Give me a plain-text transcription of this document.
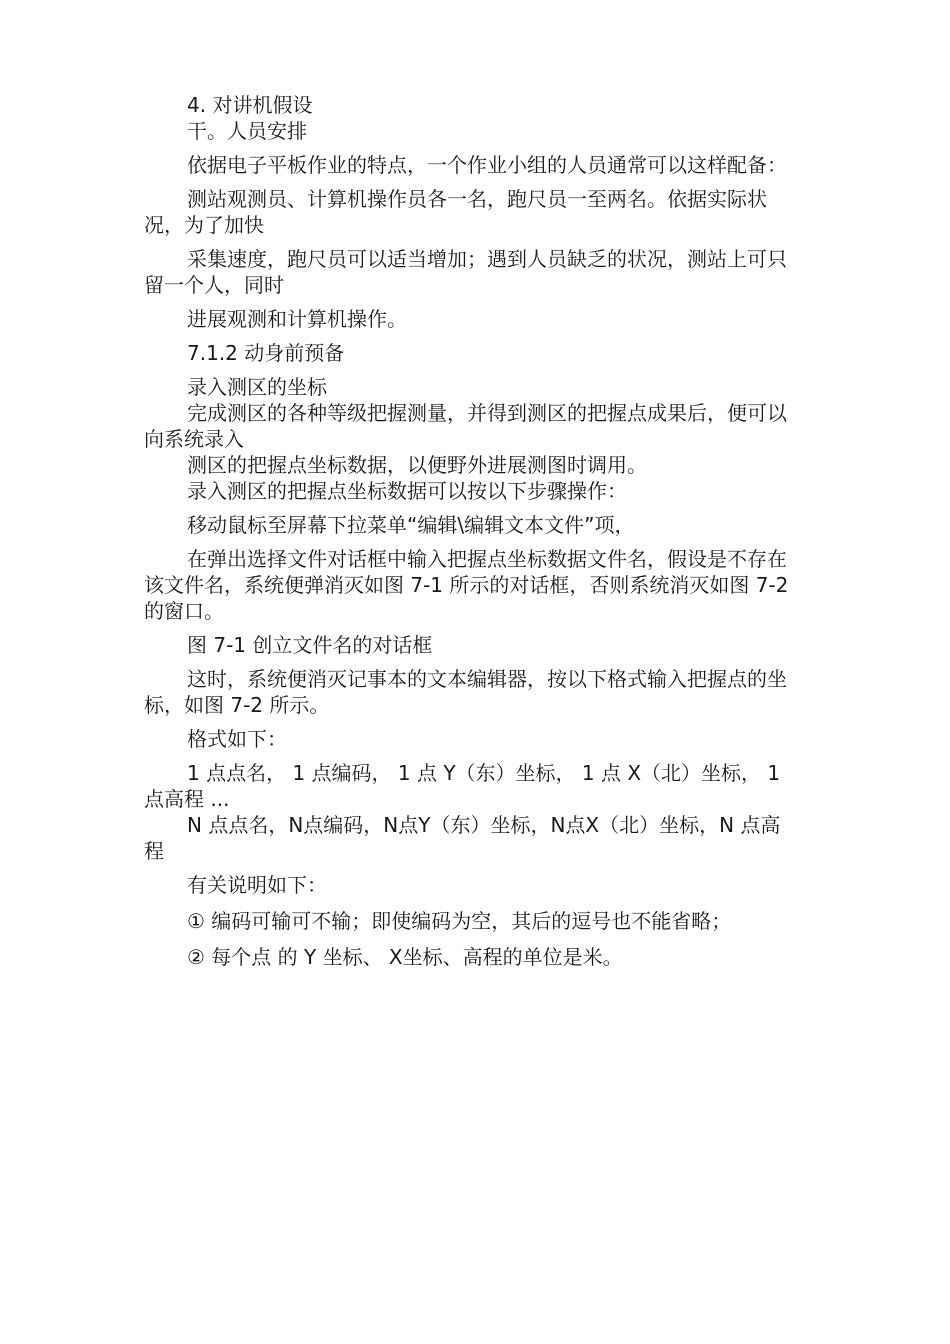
4. 对讲机假设

干。人员安排

依据电子平板作业的特点，一个作业小组的人员通常可以这样配备：

测站观测员、计算机操作员各一名，跑尺员一至两名。依据实际状况，为了加快

采集速度，跑尺员可以适当增加；遇到人员缺乏的状况，测站上可只留一个人，同时

进展观测和计算机操作。

7.1.2 动身前预备

录入测区的坐标

完成测区的各种等级把握测量，并得到测区的把握点成果后，便可以向系统录入

测区的把握点坐标数据，以便野外进展测图时调用。

录入测区的把握点坐标数据可以按以下步骤操作：

移动鼠标至屏幕下拉菜单“编辑\编辑文本文件”项，

在弹出选择文件对话框中输入把握点坐标数据文件名，假设是不存在该文件名，系统便弹消灭如图 7-1 所示的对话框，否则系统消灭如图 7-2 的窗口。

图 7-1 创立文件名的对话框

这时，系统便消灭记事本的文本编辑器，按以下格式输入把握点的坐标，如图 7-2 所示。

格式如下：

1 点点名， 1 点编码， 1 点 Y（东）坐标， 1 点 X（北）坐标， 1 点高程 ...

N 点点名，N点编码，N点Y（东）坐标，N点X（北）坐标，N 点高程

有关说明如下：

① 编码可输可不输；即使编码为空，其后的逗号也不能省略；

② 每个点 的 Y 坐标、 X坐标、高程的单位是米。
